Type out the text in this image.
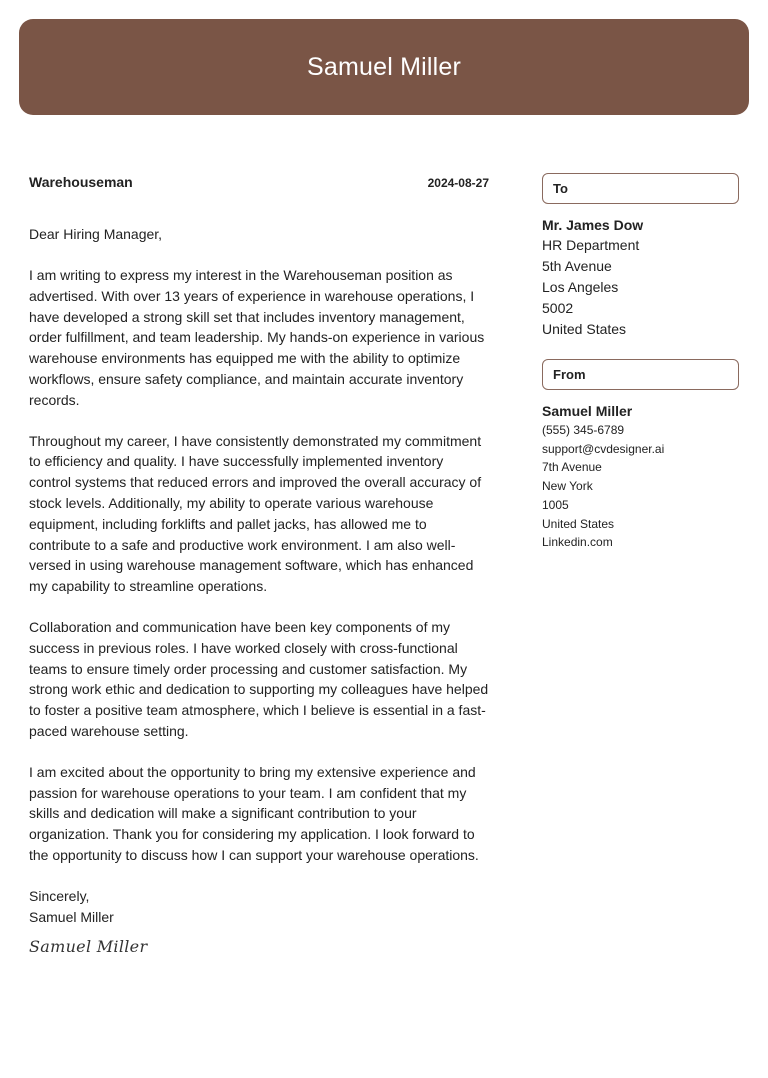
Samuel Miller
Warehouseman	2024-08-27
Dear Hiring Manager,

I am writing to express my interest in the Warehouseman position as advertised. With over 13 years of experience in warehouse operations, I have developed a strong skill set that includes inventory management, order fulfillment, and team leadership. My hands-on experience in various warehouse environments has equipped me with the ability to optimize workflows, ensure safety compliance, and maintain accurate inventory records.

Throughout my career, I have consistently demonstrated my commitment to efficiency and quality. I have successfully implemented inventory control systems that reduced errors and improved the overall accuracy of stock levels. Additionally, my ability to operate various warehouse equipment, including forklifts and pallet jacks, has allowed me to contribute to a safe and productive work environment. I am also well-versed in using warehouse management software, which has enhanced my capability to streamline operations.

Collaboration and communication have been key components of my success in previous roles. I have worked closely with cross-functional teams to ensure timely order processing and customer satisfaction. My strong work ethic and dedication to supporting my colleagues have helped to foster a positive team atmosphere, which I believe is essential in a fast-paced warehouse setting.

I am excited about the opportunity to bring my extensive experience and passion for warehouse operations to your team. I am confident that my skills and dedication will make a significant contribution to your organization. Thank you for considering my application. I look forward to the opportunity to discuss how I can support your warehouse operations.

Sincerely,
Samuel Miller
Samuel Miller
To
Mr. James Dow
HR Department
5th Avenue
Los Angeles
5002
United States
From
Samuel Miller
(555) 345-6789
support@cvdesigner.ai
7th Avenue
New York
1005
United States
Linkedin.com
